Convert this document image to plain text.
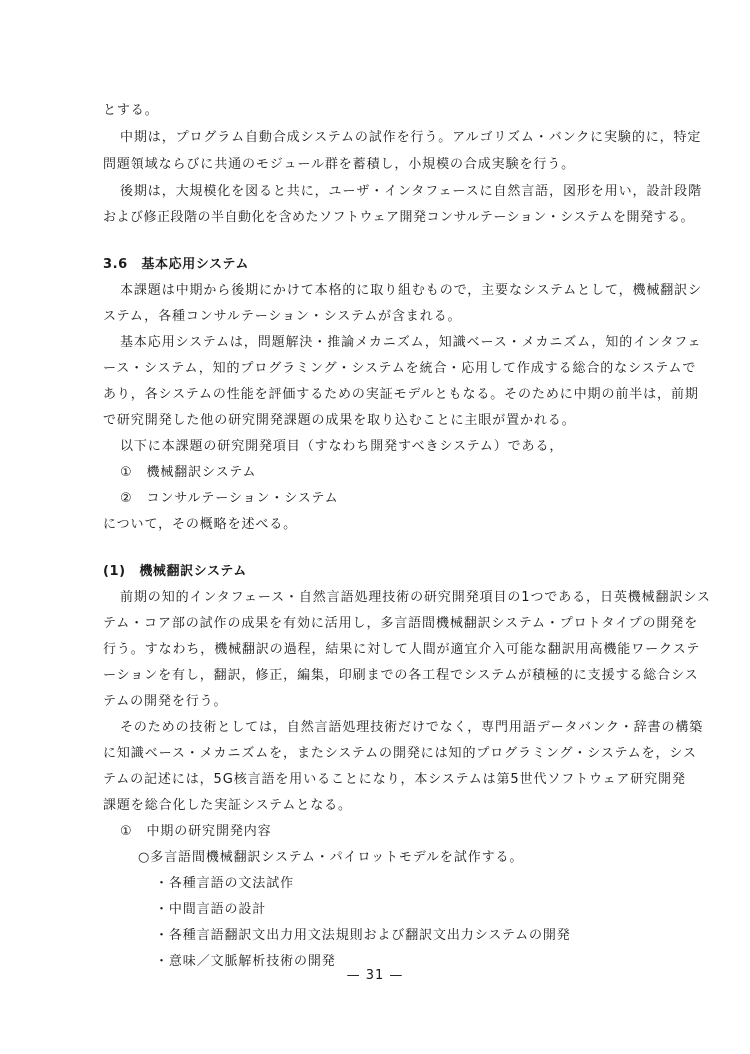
とする。
中期は，プログラム自動合成システムの試作を行う。アルゴリズム・バンクに実験的に，特定
問題領域ならびに共通のモジュール群を蓄積し，小規模の合成実験を行う。
後期は，大規模化を図ると共に，ユーザ・インタフェースに自然言語，図形を用い，設計段階
および修正段階の半自動化を含めたソフトウェア開発コンサルテーション・システムを開発する。
3.6　基本応用システム
本課題は中期から後期にかけて本格的に取り組むもので，主要なシステムとして，機械翻訳シ
ステム，各種コンサルテーション・システムが含まれる。
基本応用システムは，問題解決・推論メカニズム，知識ベース・メカニズム，知的インタフェ
ース・システム，知的プログラミング・システムを統合・応用して作成する総合的なシステムで
あり，各システムの性能を評価するための実証モデルともなる。そのために中期の前半は，前期
で研究開発した他の研究開発課題の成果を取り込むことに主眼が置かれる。
以下に本課題の研究開発項目（すなわち開発すべきシステム）である，
①　機械翻訳システム
②　コンサルテーション・システム
について，その概略を述べる。
(1)　機械翻訳システム
前期の知的インタフェース・自然言語処理技術の研究開発項目の1つである，日英機械翻訳シス
テム・コア部の試作の成果を有効に活用し，多言語間機械翻訳システム・プロトタイプの開発を
行う。すなわち，機械翻訳の過程，結果に対して人間が適宜介入可能な翻訳用高機能ワークステ
ーションを有し，翻訳，修正，編集，印刷までの各工程でシステムが積極的に支援する総合シス
テムの開発を行う。
そのための技術としては，自然言語処理技術だけでなく，専門用語データバンク・辞書の構築
に知識ベース・メカニズムを，またシステムの開発には知的プログラミング・システムを，シス
テムの記述には，5G核言語を用いることになり，本システムは第5世代ソフトウェア研究開発
課題を総合化した実証システムとなる。
①　中期の研究開発内容
○多言語間機械翻訳システム・パイロットモデルを試作する。
・各種言語の文法試作
・中間言語の設計
・各種言語翻訳文出力用文法規則および翻訳文出力システムの開発
・意味／文脈解析技術の開発
— 31 —
